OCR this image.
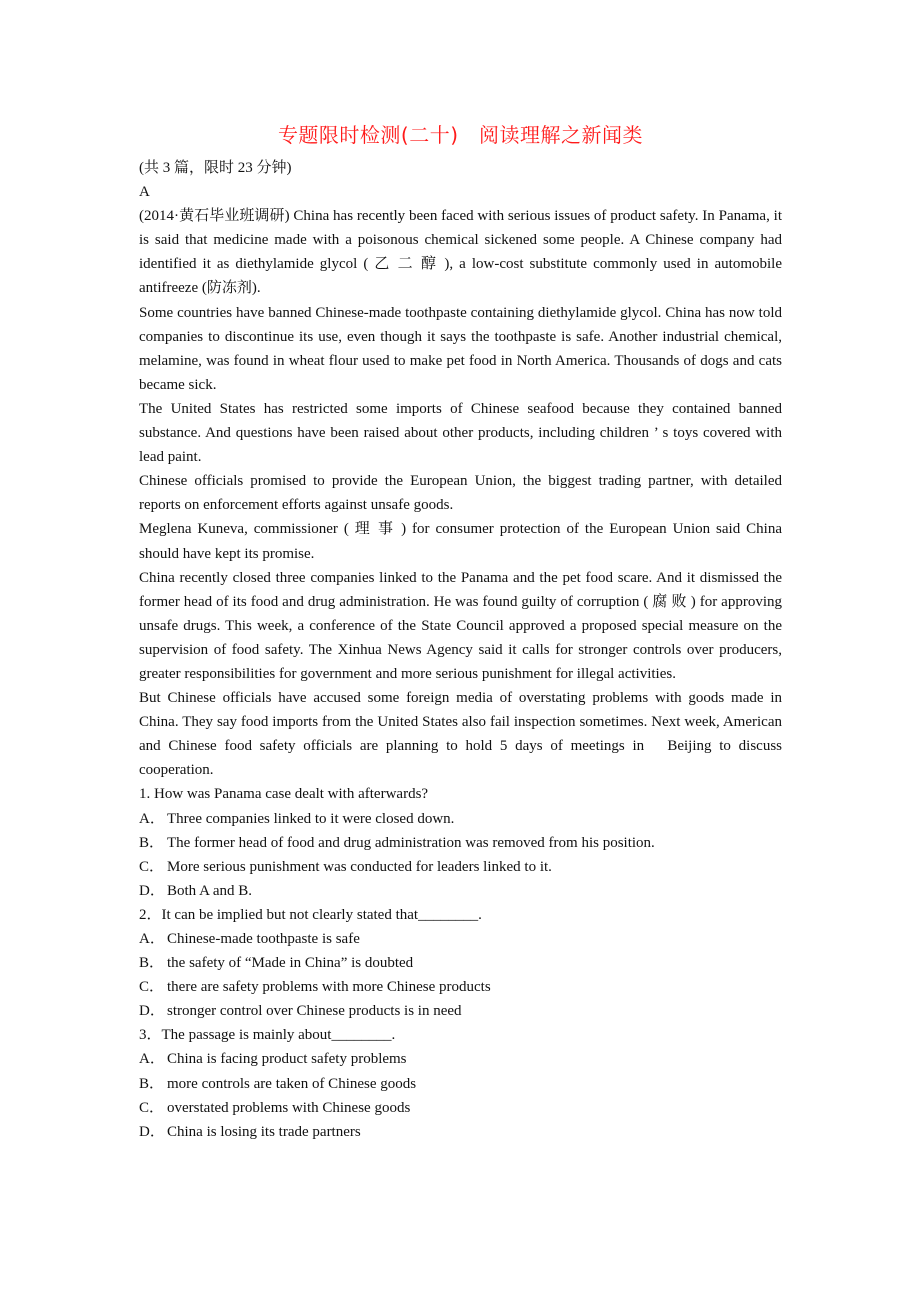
专题限时检测(二十)　阅读理解之新闻类

(共 3 篇，限时 23 分钟)

A

(2014·黄石毕业班调研) China has recently been faced with serious issues of product safety. In Panama, it is said that medicine made with a poisonous chemical sickened some people. A Chinese company had identified it as diethylamide glycol ( 乙 二 醇 ), a low-cost substitute commonly used in automobile antifreeze (防冻剂).

Some countries have banned Chinese-made toothpaste containing diethylamide glycol. China has now told companies to discontinue its use, even though it says the toothpaste is safe. Another industrial chemical, melamine, was found in wheat flour used to make pet food in North America. Thousands of dogs and cats became sick.

The United States has restricted some imports of Chinese seafood because they contained banned substance. And questions have been raised about other products, including children ’ s toys covered with lead paint.

Chinese officials promised to provide the European Union, the biggest trading partner, with detailed reports on enforcement efforts against unsafe goods.

Meglena Kuneva, commissioner ( 理 事 ) for consumer protection of the European Union said China should have kept its promise.

China recently closed three companies linked to the Panama and the pet food scare. And it dismissed the former head of its food and drug administration. He was found guilty of corruption ( 腐 败 ) for approving unsafe drugs. This week, a conference of the State Council approved a proposed special measure on the supervision of food safety. The Xinhua News Agency said it calls for stronger controls over producers, greater responsibilities for government and more serious punishment for illegal activities.

But Chinese officials have accused some foreign media of overstating problems with goods made in China. They say food imports from the United States also fail inspection sometimes. Next week, American and Chinese food safety officials are planning to hold 5 days of meetings in   Beijing to discuss cooperation.

1. How was Panama case dealt with afterwards?

A． Three companies linked to it were closed down.

B． The former head of food and drug administration was removed from his position.

C． More serious punishment was conducted for leaders linked to it.

D． Both A and B.

2．It can be implied but not clearly stated that________.

A． Chinese-made toothpaste is safe

B． the safety of “Made in China” is doubted

C． there are safety problems with more Chinese products

D． stronger control over Chinese products is in need

3．The passage is mainly about________.

A． China is facing product safety problems

B． more controls are taken of Chinese goods

C． overstated problems with Chinese goods

D． China is losing its trade partners
